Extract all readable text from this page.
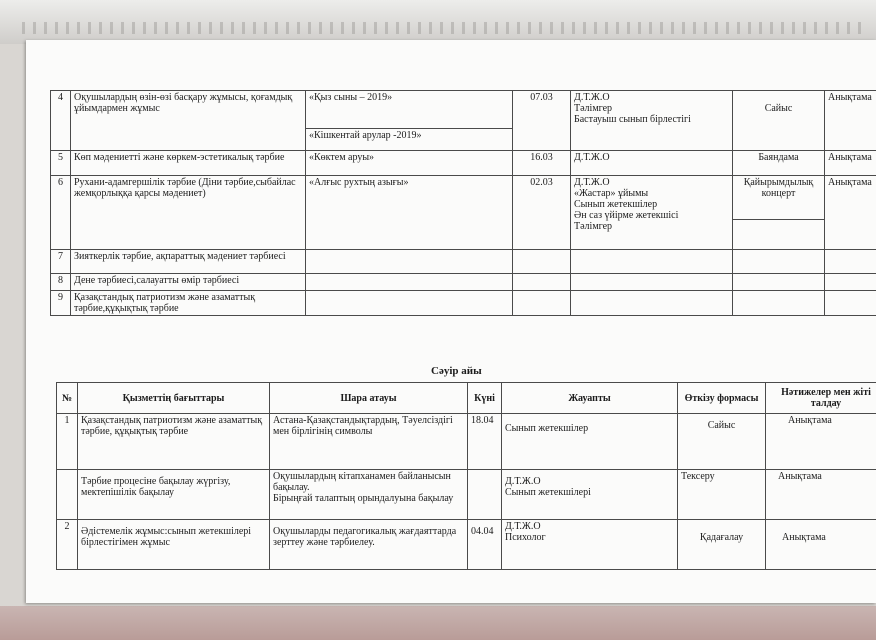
4	Оқушылардың өзін-өзі басқару жұмысы, қоғамдық ұйымдармен жұмыс	«Қыз сыны – 2019»	07.03	Д.Т.Ж.О
Тәлімгер
Бастауыш сынып бірлестігі	Сайыс	Анықтама
		«Кішкентай арулар -2019»				
5	Көп мәдениетті және көркем-эстетикалық тәрбие	«Көктем аруы»	16.03	Д.Т.Ж.О	Баяндама	Анықтама
6	Рухани-адамгершілік тәрбие (Діни тәрбие,сыбайлас жемқорлыққа қарсы мәдениет)	«Алғыс рухтың азығы»	02.03	Д.Т.Ж.О
«Жастар» ұйымы
Сынып жетекшілер
Ән саз үйірме жетекшісі
Тәлімгер	Қайырымдылық концерт	Анықтама

7	Зияткерлік тәрбие, ақпараттық мәдениет тәрбиесі					
8	Дене тәрбиесі,салауатты өмір тәрбиесі					
9	Қазақстандық патриотизм және азаматтық тәрбие,құқықтық тәрбие					
Сәуір айы
№	Қызметтің бағыттары	Шара атауы	Күні	Жауапты	Өткізу формасы	Нәтижелер мен жіті талдау
1	Қазақстандық патриотизм және азаматтық тәрбие, құқықтық тәрбие	Астана-Қазақстандықтардың, Тәуелсіздігі мен бірлігінің символы	18.04	Сынып жетекшілер	Сайыс	Анықтама
	Тәрбие процесіне бақылау жүргізу, мектепішілік бақылау	Оқушылардың кітапханамен байланысын бақылау.
Бірыңғай талаптың орындалуына бақылау		Д.Т.Ж.О
Сынып жетекшілері	Тексеру	Анықтама
2	Әдістемелік жұмыс:сынып жетекшілері бірлестігімен жұмыс	Оқушыларды педагогикалық жағдаяттарда зерттеу және тәрбиелеу.	04.04	Д.Т.Ж.О
Психолог	Қадағалау	Анықтама
